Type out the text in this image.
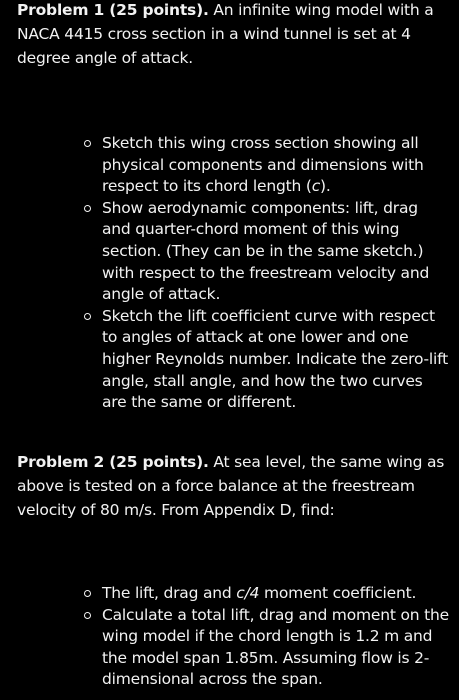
Problem 1 (25 points). An infinite wing model with a NACA 4415 cross section in a wind tunnel is set at 4 degree angle of attack.

Sketch this wing cross section showing all physical components and dimensions with respect to its chord length (c).
Show aerodynamic components: lift, drag and quarter-chord moment of this wing section. (They can be in the same sketch.) with respect to the freestream velocity and angle of attack.
Sketch the lift coefficient curve with respect to angles of attack at one lower and one higher Reynolds number. Indicate the zero-lift angle, stall angle, and how the two curves are the same or different.

Problem 2 (25 points). At sea level, the same wing as above is tested on a force balance at the freestream velocity of 80 m/s. From Appendix D, find:

The lift, drag and c/4 moment coefficient.
Calculate a total lift, drag and moment on the wing model if the chord length is 1.2 m and the model span 1.85m. Assuming flow is 2-dimensional across the span.
